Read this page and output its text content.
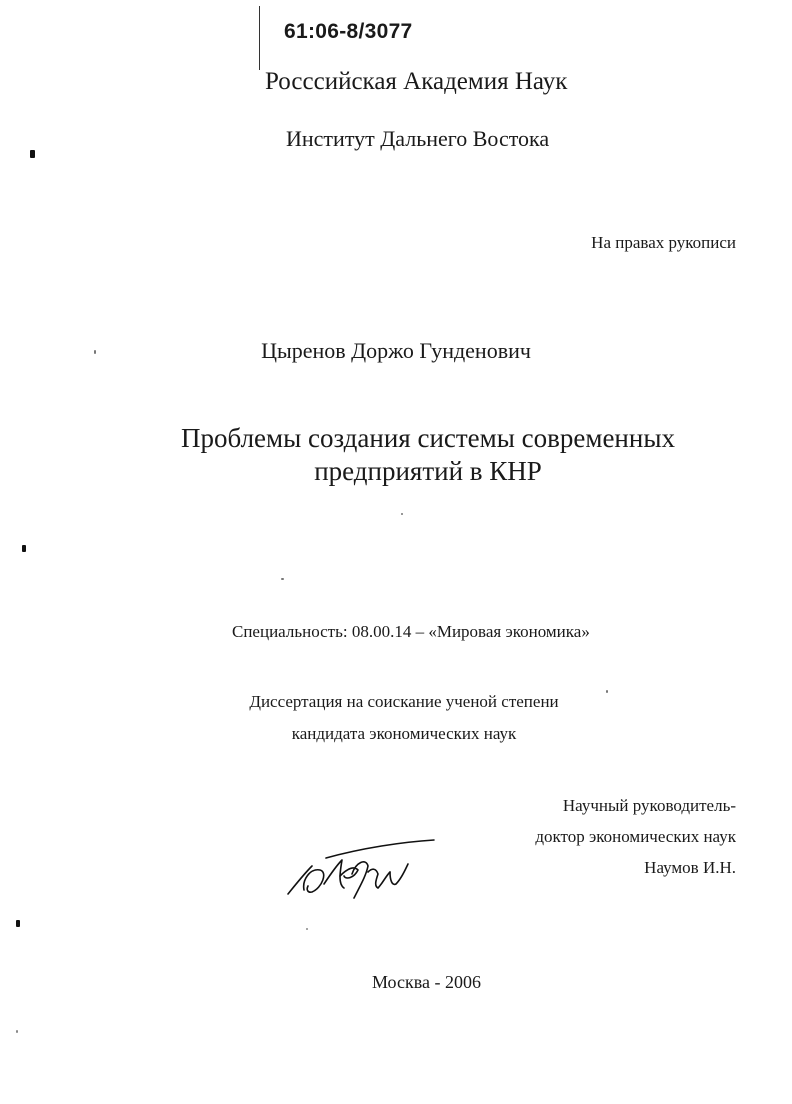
61:06-8/3077
Росссийская Академия Наук
Институт Дальнего Востока
На правах рукописи
Цыренов Доржо Гунденович
Проблемы создания системы современных
предприятий в КНР
Специальность: 08.00.14 – «Мировая экономика»
Диссертация на соискание ученой степени
кандидата экономических наук
Научный руководитель-
доктор экономических наук
Наумов И.Н.
Москва - 2006
